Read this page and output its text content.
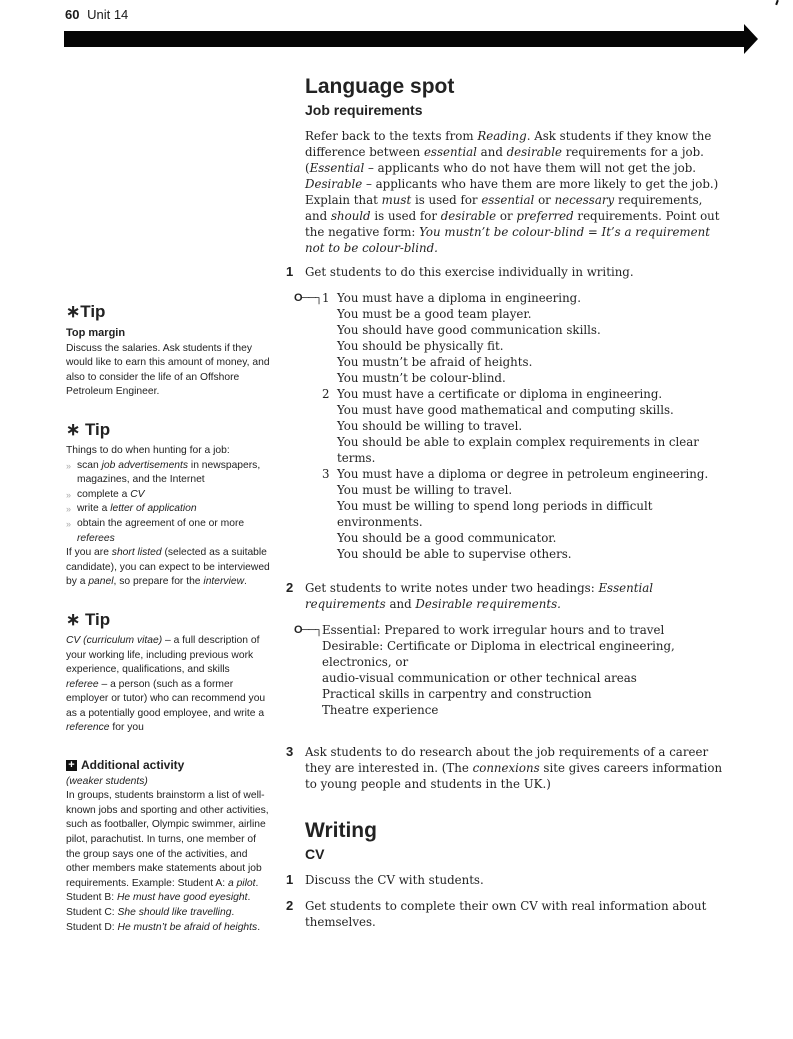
60 Unit 14
∗Tip
Top margin

Discuss the salaries. Ask students if they would like to earn this amount of money, and also to consider the life of an Offshore Petroleum Engineer.

∗ Tip

Things to do when hunting for a job:

» scan job advertisements in newspapers, magazines, and the Internet
» complete a CV
» write a letter of application
» obtain the agreement of one or more referees

If you are short listed (selected as a suitable candidate), you can expect to be interviewed by a panel, so prepare for the interview.

∗ Tip

CV (curriculum vitae) – a full description of your working life, including previous work experience, qualifications, and skills

referee – a person (such as a former employer or tutor) who can recommend you as a potentially good employee, and write a reference for you

+ Additional activity

(weaker students)

In groups, students brainstorm a list of well-known jobs and sporting and other activities, such as footballer, Olympic swimmer, airline pilot, parachutist. In turns, one member of the group says one of the activities, and other members make statements about job requirements. Example: Student A: a pilot. Student B: He must have good eyesight. Student C: She should like travelling. Student D: He mustn’t be afraid of heights.

Language spot
Job requirements

Refer back to the texts from Reading. Ask students if they know the difference between essential and desirable requirements for a job. (Essential – applicants who do not have them will not get the job. Desirable – applicants who have them are more likely to get the job.) Explain that must is used for essential or necessary requirements, and should is used for desirable or preferred requirements. Point out the negative form: You mustn’t be colour-blind = It’s a requirement not to be colour-blind.

1 Get students to do this exercise individually in writing.
O──┐ 1 You must have a diploma in engineering.
You must be a good team player.
You should have good communication skills.
You should be physically fit.
You mustn’t be afraid of heights.
You mustn’t be colour-blind.
2 You must have a certificate or diploma in engineering.
You must have good mathematical and computing skills.
You should be willing to travel.
You should be able to explain complex requirements in clear terms.
3 You must have a diploma or degree in petroleum engineering.
You must be willing to travel.
You must be willing to spend long periods in difficult environments.
You should be a good communicator.
You should be able to supervise others.
2 Get students to write notes under two headings: Essential requirements and Desirable requirements.
O──┐ Essential: Prepared to work irregular hours and to travel
Desirable: Certificate or Diploma in electrical engineering, electronics, or
audio-visual communication or other technical areas
Practical skills in carpentry and construction
Theatre experience
3 Ask students to do research about the job requirements of a career they are interested in. (The connexions site gives careers information to young people and students in the UK.)
Writing
CV
1 Discuss the CV with students.
2 Get students to complete their own CV with real information about themselves.
